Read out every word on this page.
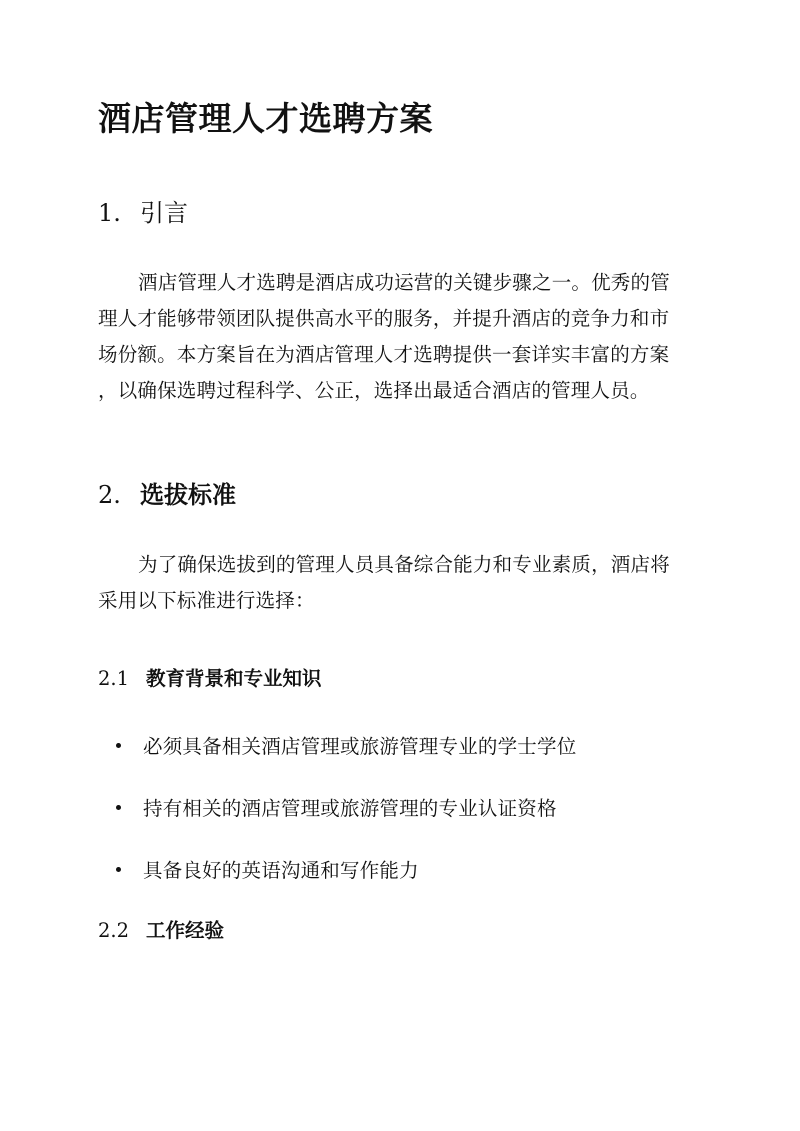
酒店管理人才选聘方案
1. 引言
酒店管理人才选聘是酒店成功运营的关键步骤之一。优秀的管
理人才能够带领团队提供高水平的服务，并提升酒店的竞争力和市
场份额。本方案旨在为酒店管理人才选聘提供一套详实丰富的方案
，以确保选聘过程科学、公正，选择出最适合酒店的管理人员。
2. 选拔标准
为了确保选拔到的管理人员具备综合能力和专业素质，酒店将
采用以下标准进行选择：
2.1 教育背景和专业知识
必须具备相关酒店管理或旅游管理专业的学士学位
持有相关的酒店管理或旅游管理的专业认证资格
具备良好的英语沟通和写作能力
2.2 工作经验
